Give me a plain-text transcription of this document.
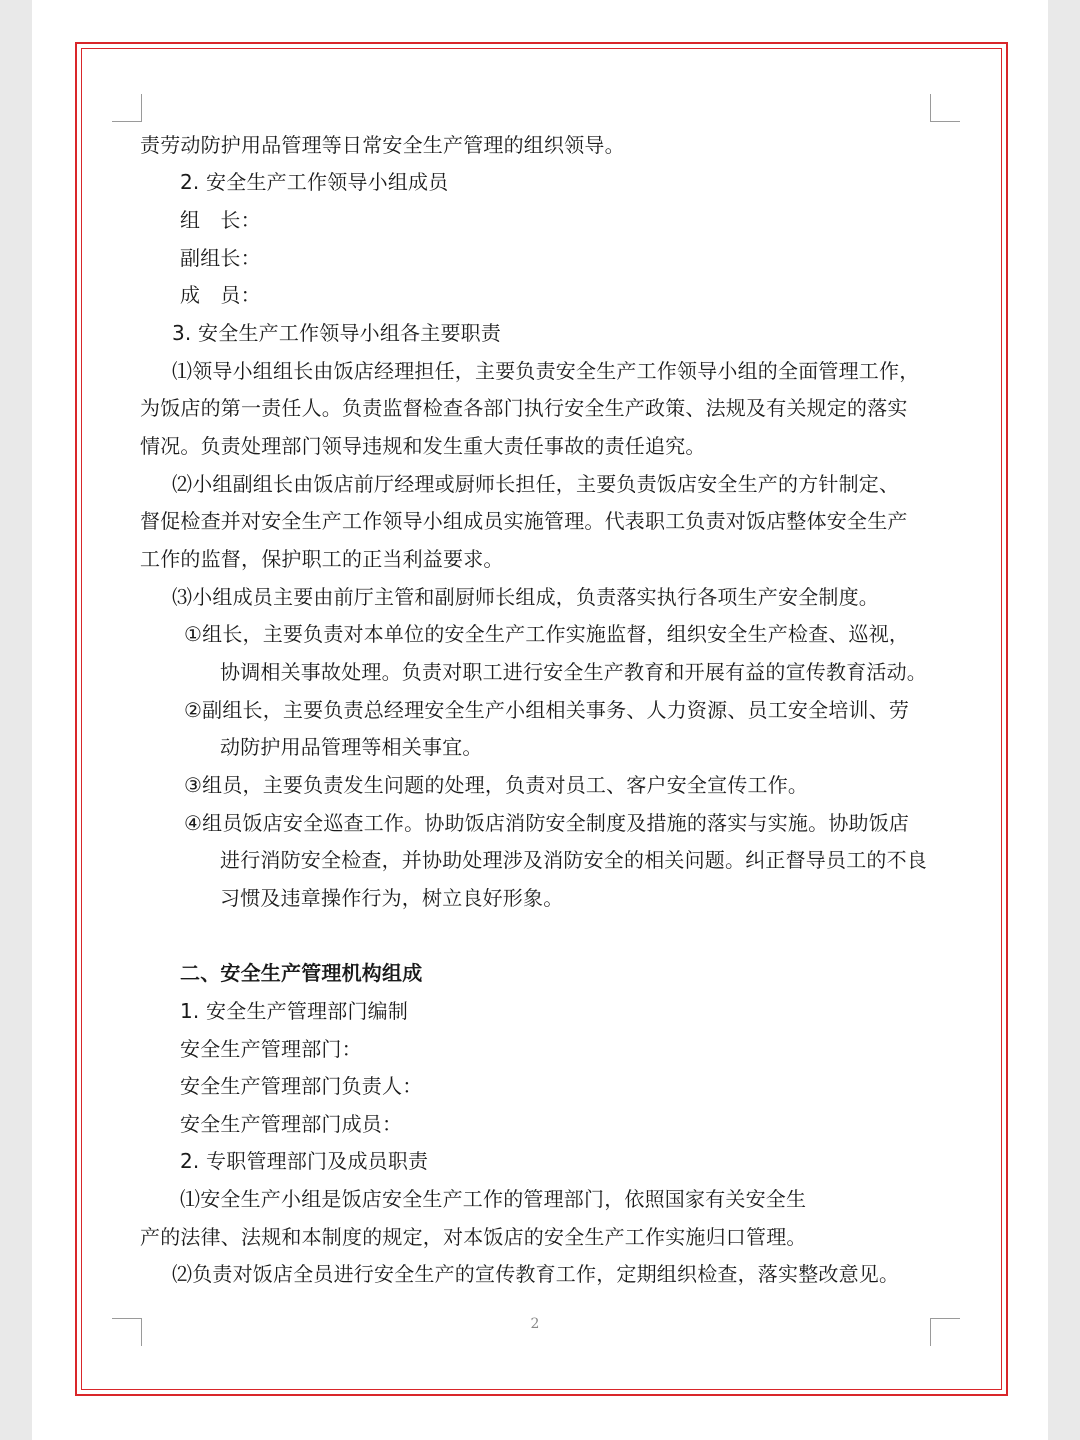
责劳动防护用品管理等日常安全生产管理的组织领导。
2. 安全生产工作领导小组成员
组　长：
副组长：
成　员：
3. 安全生产工作领导小组各主要职责
⑴领导小组组长由饭店经理担任，主要负责安全生产工作领导小组的全面管理工作，
为饭店的第一责任人。负责监督检查各部门执行安全生产政策、法规及有关规定的落实
情况。负责处理部门领导违规和发生重大责任事故的责任追究。
⑵小组副组长由饭店前厅经理或厨师长担任，主要负责饭店安全生产的方针制定、
督促检查并对安全生产工作领导小组成员实施管理。代表职工负责对饭店整体安全生产
工作的监督，保护职工的正当利益要求。
⑶小组成员主要由前厅主管和副厨师长组成，负责落实执行各项生产安全制度。
①组长，主要负责对本单位的安全生产工作实施监督，组织安全生产检查、巡视，
协调相关事故处理。负责对职工进行安全生产教育和开展有益的宣传教育活动。
②副组长，主要负责总经理安全生产小组相关事务、人力资源、员工安全培训、劳
动防护用品管理等相关事宜。
③组员，主要负责发生问题的处理，负责对员工、客户安全宣传工作。
④组员饭店安全巡查工作。协助饭店消防安全制度及措施的落实与实施。协助饭店
进行消防安全检查，并协助处理涉及消防安全的相关问题。纠正督导员工的不良
习惯及违章操作行为，树立良好形象。
二、安全生产管理机构组成
1. 安全生产管理部门编制
安全生产管理部门：
安全生产管理部门负责人：
安全生产管理部门成员：
2. 专职管理部门及成员职责
⑴安全生产小组是饭店安全生产工作的管理部门，依照国家有关安全生
产的法律、法规和本制度的规定，对本饭店的安全生产工作实施归口管理。
⑵负责对饭店全员进行安全生产的宣传教育工作，定期组织检查，落实整改意见。
2
